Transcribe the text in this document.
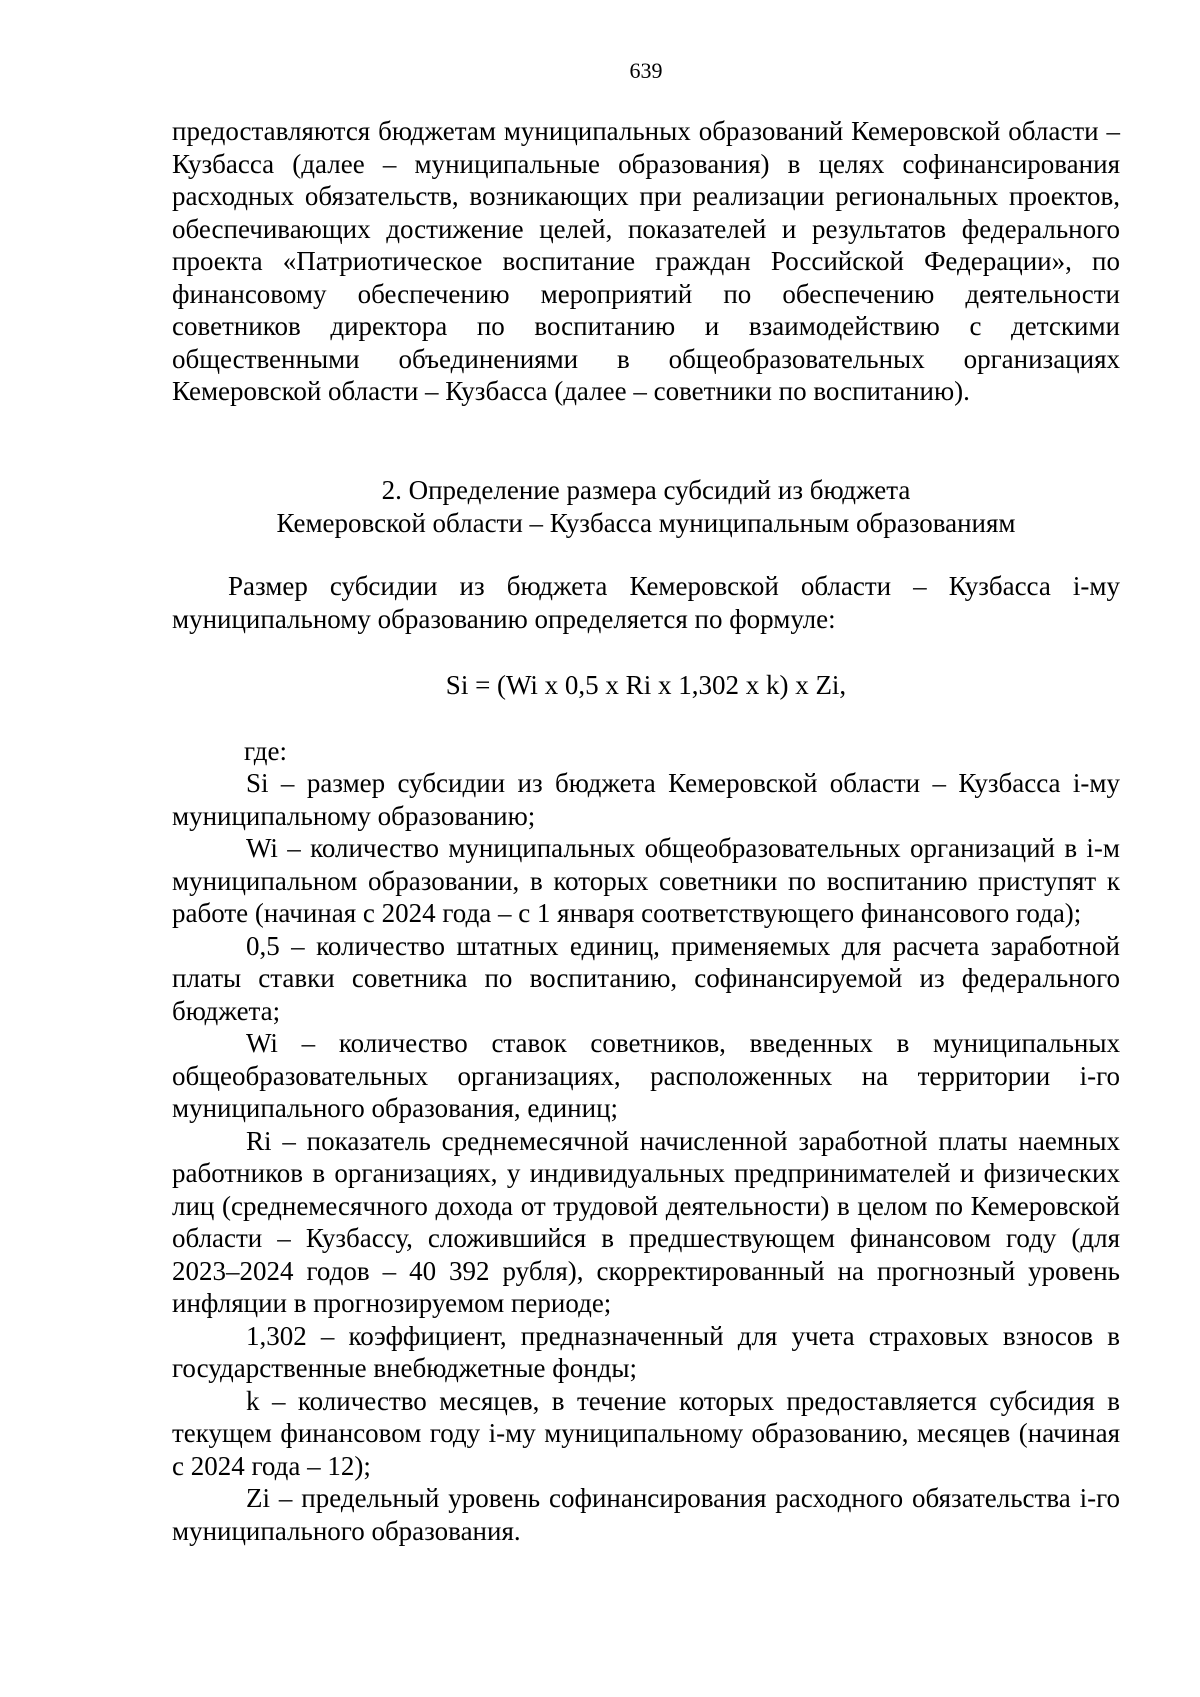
639

предоставляются бюджетам муниципальных образований Кемеровской области – Кузбасса (далее – муниципальные образования) в целях софинансирования расходных обязательств, возникающих при реализации региональных проектов, обеспечивающих достижение целей, показателей и результатов федерального проекта «Патриотическое воспитание граждан Российской Федерации», по финансовому обеспечению мероприятий по обеспечению деятельности советников директора по воспитанию и взаимодействию с детскими общественными объединениями в общеобразовательных организациях Кемеровской области – Кузбасса (далее – советники по воспитанию).

2. Определение размера субсидий из бюджета
Кемеровской области – Кузбасса муниципальным образованиям

Размер субсидии из бюджета Кемеровской области – Кузбасса i-му муниципальному образованию определяется по формуле:

Si = (Wi x 0,5 x Ri x 1,302 x k) x Zi,

где:

Si – размер субсидии из бюджета Кемеровской области – Кузбасса i-му муниципальному образованию;

Wi – количество муниципальных общеобразовательных организаций в i-м муниципальном образовании, в которых советники по воспитанию приступят к работе (начиная с 2024 года – с 1 января соответствующего финансового года);

0,5 – количество штатных единиц, применяемых для расчета заработной платы ставки советника по воспитанию, софинансируемой из федерального бюджета;

Wi – количество ставок советников, введенных в муниципальных общеобразовательных организациях, расположенных на территории i-го муниципального образования, единиц;

Ri – показатель среднемесячной начисленной заработной платы наемных работников в организациях, у индивидуальных предпринимателей и физических лиц (среднемесячного дохода от трудовой деятельности) в целом по Кемеровской области – Кузбассу, сложившийся в предшествующем финансовом году (для 2023–2024 годов – 40 392 рубля), скорректированный на прогнозный уровень инфляции в прогнозируемом периоде;

1,302 – коэффициент, предназначенный для учета страховых взносов в государственные внебюджетные фонды;

k – количество месяцев, в течение которых предоставляется субсидия в текущем финансовом году i-му муниципальному образованию, месяцев (начиная с 2024 года – 12);

Zi – предельный уровень софинансирования расходного обязательства i-го муниципального образования.
